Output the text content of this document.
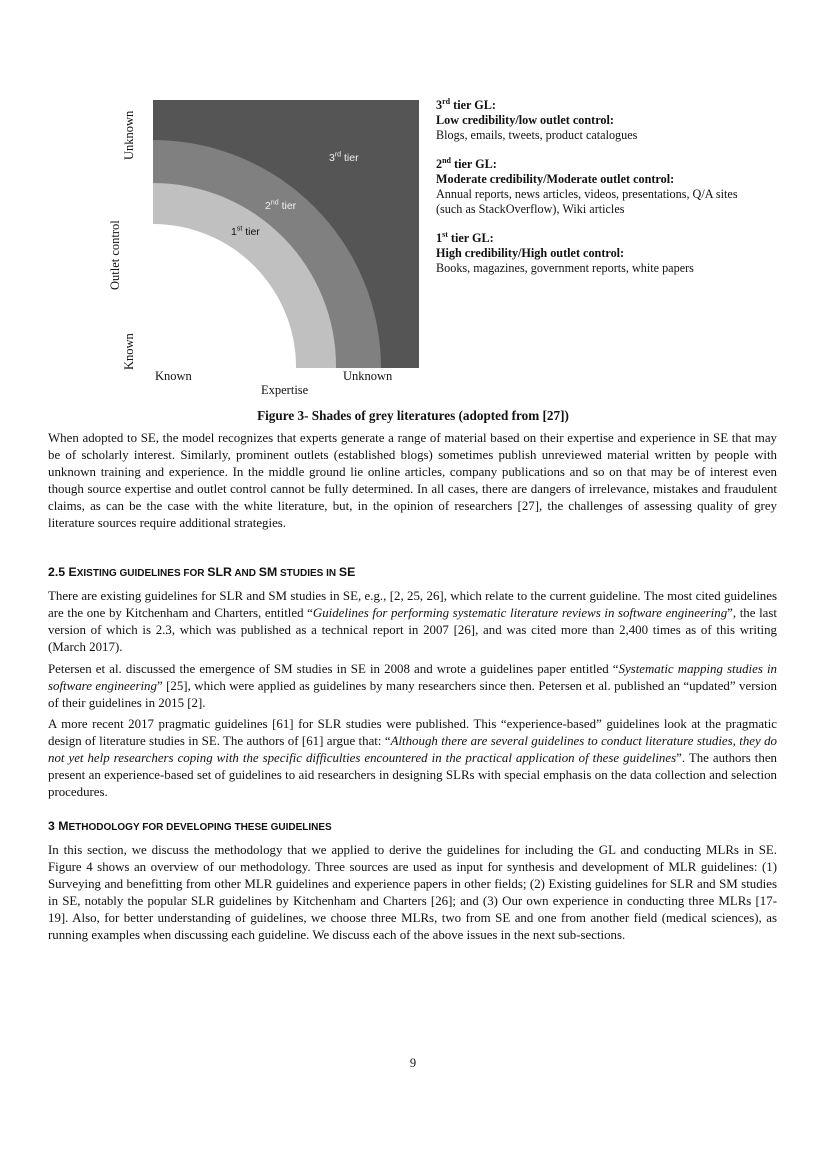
3rd tier
2nd tier
1st tier
Unknown
Outlet control
Known
Known	Unknown
Expertise
3rd tier GL:
Low credibility/low outlet control:
Blogs, emails, tweets, product catalogues
2nd tier GL:
Moderate credibility/Moderate outlet control:
Annual reports, news articles, videos, presentations, Q/A sites (such as StackOverflow), Wiki articles
1st tier GL:
High credibility/High outlet control:
Books, magazines, government reports, white papers
Figure 3- Shades of grey literatures (adopted from [27])

When adopted to SE, the model recognizes that experts generate a range of material based on their expertise and experience in SE that may be of scholarly interest. Similarly, prominent outlets (established blogs) sometimes publish unreviewed material written by people with unknown training and experience. In the middle ground lie online articles, company publications and so on that may be of interest even though source expertise and outlet control cannot be fully determined. In all cases, there are dangers of irrelevance, mistakes and fraudulent claims, as can be the case with the white literature, but, in the opinion of researchers [27], the challenges of assessing quality of grey literature sources require additional strategies.

2.5 EXISTING GUIDELINES FOR SLR AND SM STUDIES IN SE

There are existing guidelines for SLR and SM studies in SE, e.g., [2, 25, 26], which relate to the current guideline. The most cited guidelines are the one by Kitchenham and Charters, entitled “Guidelines for performing systematic literature reviews in software engineering”, the last version of which is 2.3, which was published as a technical report in 2007 [26], and was cited more than 2,400 times as of this writing (March 2017).

Petersen et al. discussed the emergence of SM studies in SE in 2008 and wrote a guidelines paper entitled “Systematic mapping studies in software engineering” [25], which were applied as guidelines by many researchers since then. Petersen et al. published an “updated” version of their guidelines in 2015 [2].

A more recent 2017 pragmatic guidelines [61] for SLR studies were published. This “experience-based” guidelines look at the pragmatic design of literature studies in SE. The authors of [61] argue that: “Although there are several guidelines to conduct literature studies, they do not yet help researchers coping with the specific difficulties encountered in the practical application of these guidelines”. The authors then present an experience-based set of guidelines to aid researchers in designing SLRs with special emphasis on the data collection and selection procedures.

3 METHODOLOGY FOR DEVELOPING THESE GUIDELINES

In this section, we discuss the methodology that we applied to derive the guidelines for including the GL and conducting MLRs in SE. Figure 4 shows an overview of our methodology. Three sources are used as input for synthesis and development of MLR guidelines: (1) Surveying and benefitting from other MLR guidelines and experience papers in other fields; (2) Existing guidelines for SLR and SM studies in SE, notably the popular SLR guidelines by Kitchenham and Charters [26]; and (3) Our own experience in conducting three MLRs [17-19]. Also, for better understanding of guidelines, we choose three MLRs, two from SE and one from another field (medical sciences), as running examples when discussing each guideline. We discuss each of the above issues in the next sub-sections.

9
